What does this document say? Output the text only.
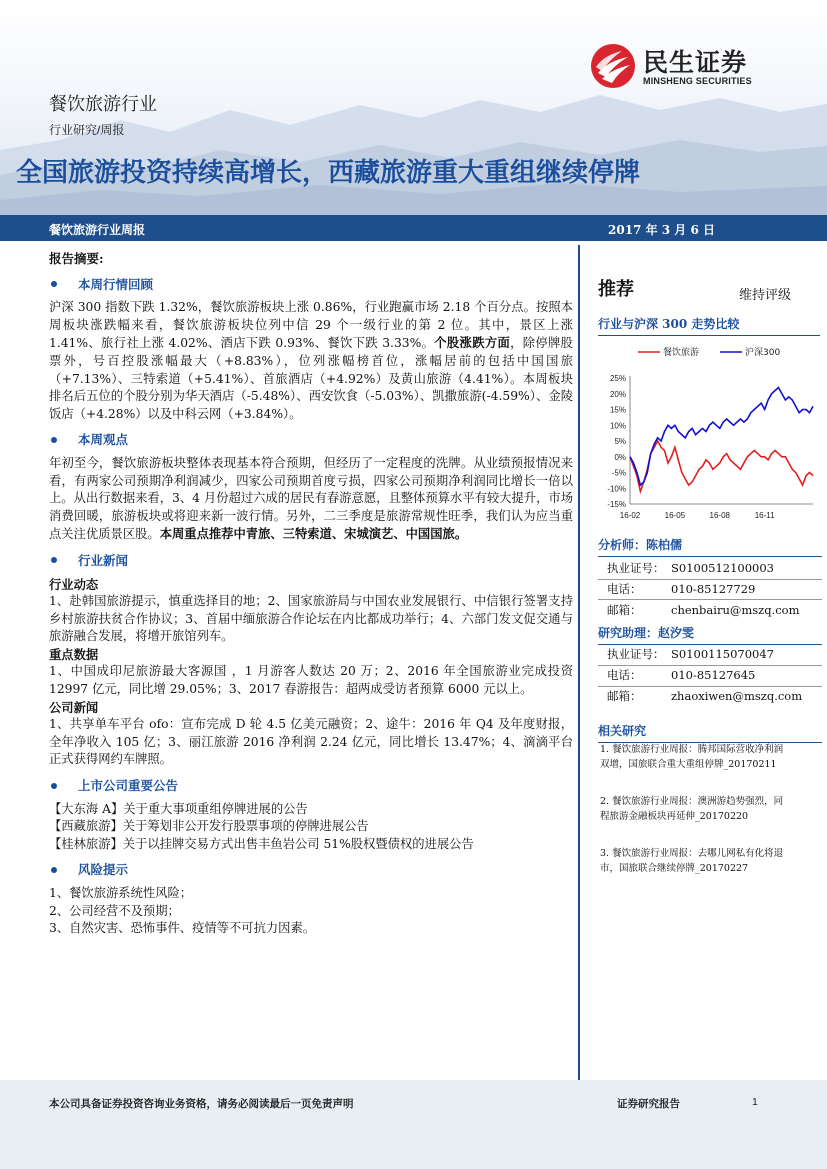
餐饮旅游行业
行业研究/周报
民生证券
MINSHENG SECURITIES
全国旅游投资持续高增长，西藏旅游重大重组继续停牌
餐饮旅游行业周报	2017 年 3 月 6 日

报告摘要:

本周行情回顾

沪深 300 指数下跌 1.32%，餐饮旅游板块上涨 0.86%，行业跑赢市场 2.18 个百分点。按照本周板块涨跌幅来看，餐饮旅游板块位列中信 29 个一级行业的第 2 位。其中，景区上涨 1.41%、旅行社上涨 4.02%、酒店下跌 0.93%、餐饮下跌 3.33%。个股涨跌方面，除停牌股票外，号百控股涨幅最大（+8.83%），位列涨幅榜首位，涨幅居前的包括中国国旅（+7.13%）、三特索道（+5.41%）、首旅酒店（+4.92%）及黄山旅游（4.41%）。本周板块排名后五位的个股分别为华天酒店（-5.48%）、西安饮食（-5.03%）、凯撒旅游(-4.59%）、金陵饭店（+4.28%）以及中科云网（+3.84%）。

本周观点

年初至今，餐饮旅游板块整体表现基本符合预期，但经历了一定程度的洗牌。从业绩预报情况来看，有两家公司预期净利润减少，四家公司预期首度亏损，四家公司预期净利润同比增长一倍以上。从出行数据来看，3、4 月份超过六成的居民有春游意愿，且整体预算水平有较大提升，市场消费回暖，旅游板块或将迎来新一波行情。另外，二三季度是旅游常规性旺季，我们认为应当重点关注优质景区股。本周重点推荐中青旅、三特索道、宋城演艺、中国国旅。

行业新闻

行业动态

1、赴韩国旅游提示，慎重选择目的地；2、国家旅游局与中国农业发展银行、中信银行签署支持乡村旅游扶贫合作协议；3、首届中缅旅游合作论坛在内比都成功举行；4、六部门发文促交通与旅游融合发展，将增开旅馆列车。

重点数据

1、中国成印尼旅游最大客源国 ，1 月游客人数达 20 万；2、2016 年全国旅游业完成投资 12997 亿元，同比增 29.05%；3、2017 春游报告：超两成受访者预算 6000 元以上。

公司新闻

1、共享单车平台 ofo：宣布完成 D 轮 4.5 亿美元融资；2、途牛：2016 年 Q4 及年度财报，全年净收入 105 亿；3、丽江旅游 2016 净利润 2.24 亿元，同比增长 13.47%；4、滴滴平台正式获得网约车牌照。

上市公司重要公告

【大东海 A】关于重大事项重组停牌进展的公告

【西藏旅游】关于筹划非公开发行股票事项的停牌进展公告

【桂林旅游】关于以挂牌交易方式出售丰鱼岩公司 51%股权暨债权的进展公告

风险提示

1、餐饮旅游系统性风险；

2、公司经营不及预期；

3、自然灾害、恐怖事件、疫情等不可抗力因素。

推荐	维持评级
行业与沪深 300 走势比较
25%
20%
15%
10%
5%
0%
-5%
-10%
-15%
16-02	16-05	16-08	16-11
餐饮旅游	沪深300
分析师：陈柏儒
执业证号： S0100512100003
电话：	010-85127729
邮箱：	chenbairu@mszq.com
研究助理：赵汐雯
执业证号： S0100115070047
电话：	010-85127645
邮箱：	zhaoxiwen@mszq.com
相关研究
1. 餐饮旅游行业周报：腾邦国际营收净利润双增，国旅联合重大重组停牌_20170211
2. 餐饮旅游行业周报：澳洲游趋势强烈，同程旅游金融板块再延伸_20170220
3. 餐饮旅游行业周报：去哪儿网私有化将退市，国旅联合继续停牌_20170227
本公司具备证券投资咨询业务资格，请务必阅读最后一页免责声明	证券研究报告	1
